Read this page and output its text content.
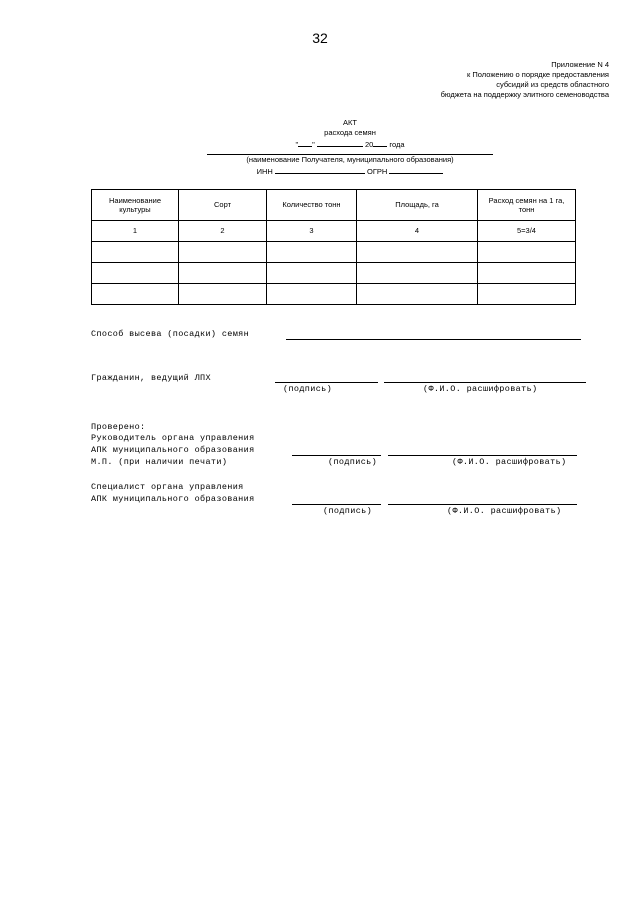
32
Приложение N 4
к Положению о порядке предоставления
субсидий из средств областного
бюджета на поддержку элитного семеноводства
АКТ
расхода семян
" "	20 года
(наименование Получателя, муниципального образования)
ИНН	ОГРН
Наименование культуры	Сорт	Количество тонн	Площадь, га	Расход семян на 1 га, тонн
1	2	3	4	5=3/4

Способ высева (посадки) семян
Гражданин, ведущий ЛПХ
(подпись)	(Ф.И.О. расшифровать)
Проверено:
Руководитель органа управления
АПК муниципального образования
М.П. (при наличии печати)	(подпись)	(Ф.И.О. расшифровать)
Специалист органа управления
АПК муниципального образования
(подпись)	(Ф.И.О. расшифровать)
